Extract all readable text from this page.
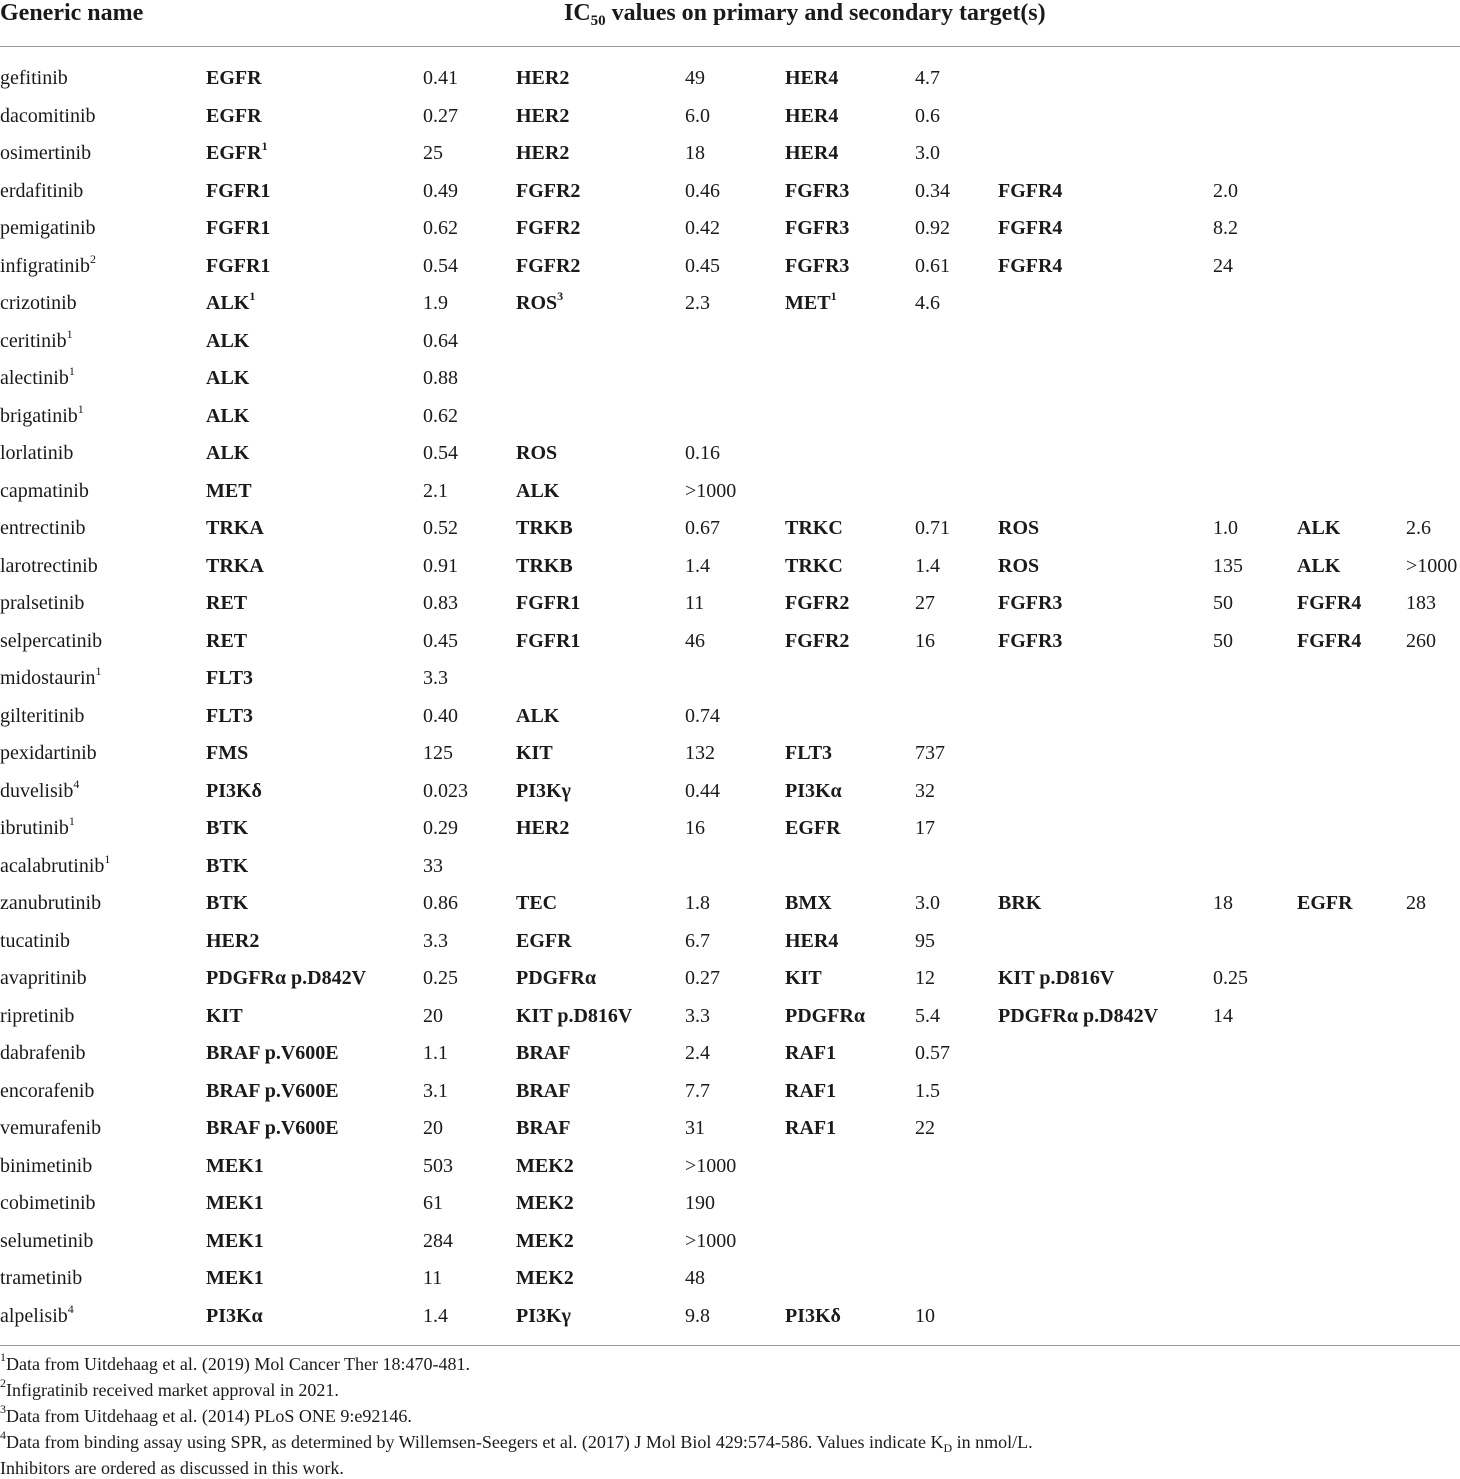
Generic name	$IC_{50}$ values on primary and secondary target(s)
gefitinib	EGFR	0.41	HER2	49	HER4	4.7
dacomitinib	EGFR	0.27	HER2	6.0	HER4	0.6
osimertinib	EGFR$^1$	25	HER2	18	HER4	3.0
erdafitinib	FGFR1	0.49	FGFR2	0.46	FGFR3	0.34 FGFR4	2.0
pemigatinib	FGFR1	0.62	FGFR2	0.42	FGFR3	0.92 FGFR4	8.2
infigratinib$^2$	FGFR1	0.54	FGFR2	0.45	FGFR3	0.61 FGFR4	24
crizotinib	ALK$^1$	1.9	ROS$^3$	2.3	MET$^1$	4.6
ceritinib$^1$	ALK	0.64
alectinib$^1$	ALK	0.88
brigatinib$^1$	ALK	0.62
lorlatinib	ALK	0.54	ROS	0.16
capmatinib	MET	2.1	ALK	>1000
entrectinib	TRKA	0.52	TRKB	0.67	TRKC	0.71 ROS	1.0	ALK	2.6
larotrectinib	TRKA	0.91	TRKB	1.4	TRKC	1.4	ROS	135	ALK	>1000
pralsetinib	RET	0.83	FGFR1	11	FGFR2	27	FGFR3	50	FGFR4 183
selpercatinib	RET	0.45	FGFR1	46	FGFR2	16	FGFR3	50	FGFR4 260
midostaurin$^1$	FLT3	3.3
gilteritinib	FLT3	0.40	ALK	0.74
pexidartinib	FMS	125	KIT	132	FLT3	737
duvelisib$^4$	PI3Kδ	0.023 PI3Kγ	0.44	PI3Kα	32
ibrutinib$^1$	BTK	0.29	HER2	16	EGFR	17
acalabrutinib$^1$	BTK	33
zanubrutinib	BTK	0.86	TEC	1.8	BMX	3.0	BRK	18	EGFR	28
tucatinib	HER2	3.3	EGFR	6.7	HER4	95
avapritinib	PDGFRα p.D842V	0.25	PDGFRα	0.27	KIT	12	KIT p.D816V	0.25
ripretinib	KIT	20	KIT p.D816V	3.3	PDGFRα 5.4	PDGFRα p.D842V	14
dabrafenib	BRAF p.V600E	1.1	BRAF	2.4	RAF1	0.57
encorafenib	BRAF p.V600E	3.1	BRAF	7.7	RAF1	1.5
vemurafenib	BRAF p.V600E	20	BRAF	31	RAF1	22
binimetinib	MEK1	503	MEK2	>1000
cobimetinib	MEK1	61	MEK2	190
selumetinib	MEK1	284	MEK2	>1000
trametinib	MEK1	11	MEK2	48
alpelisib$^4$	PI3Kα	1.4	PI3Kγ	9.8	PI3Kδ	10
$^1$Data from Uitdehaag et al. (2019) Mol Cancer Ther 18:470-481.
$^2$Infigratinib received market approval in 2021.
$^3$Data from Uitdehaag et al. (2014) PLoS ONE 9:e92146.
$^4$Data from binding assay using SPR, as determined by Willemsen-Seegers et al. (2017) J Mol Biol 429:574-586. Values indicate $K_D$ in nmol/L.
Inhibitors are ordered as discussed in this work.
